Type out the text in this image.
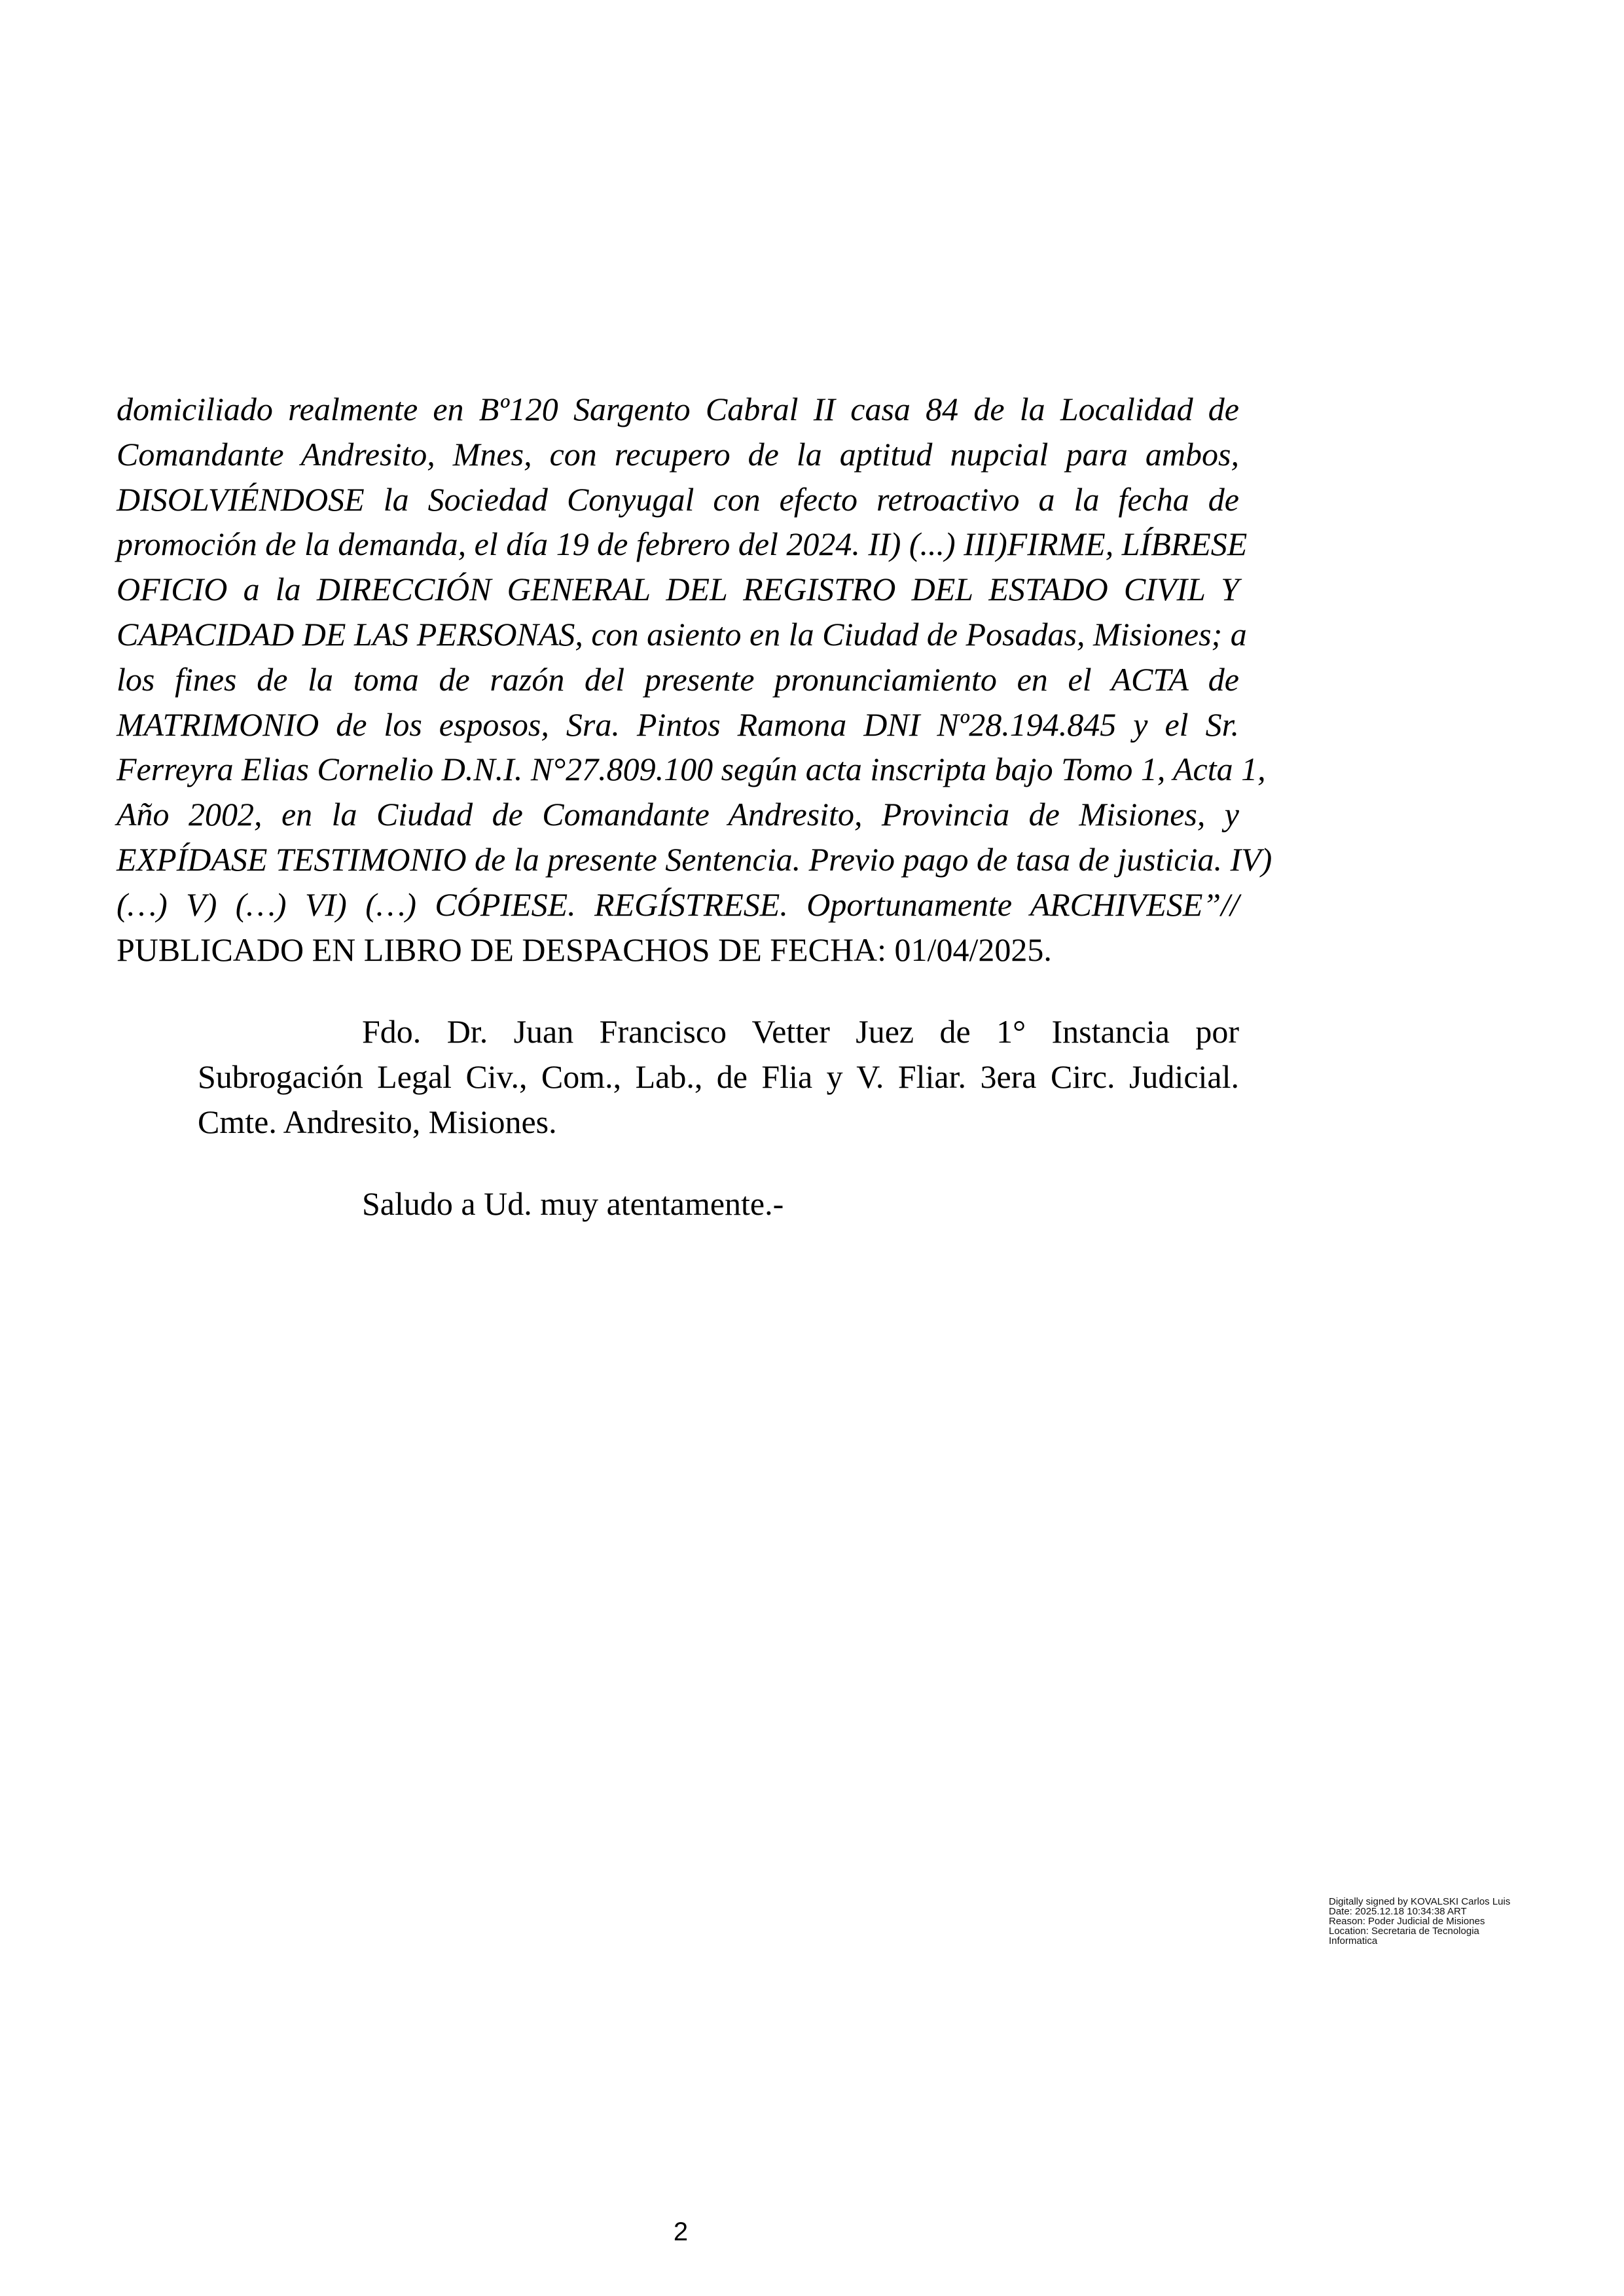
domiciliado realmente en Bº120 Sargento Cabral II casa 84 de la Localidad de
Comandante Andresito, Mnes, con recupero de la aptitud nupcial para ambos,
DISOLVIÉNDOSE la Sociedad Conyugal con efecto retroactivo a la fecha de
promoción de la demanda, el día 19 de febrero del 2024. II) (...) III)FIRME, LÍBRESE
OFICIO a la DIRECCIÓN GENERAL DEL REGISTRO DEL ESTADO CIVIL Y
CAPACIDAD DE LAS PERSONAS, con asiento en la Ciudad de Posadas, Misiones; a
los fines de la toma de razón del presente pronunciamiento en el ACTA de
MATRIMONIO de los esposos, Sra. Pintos Ramona DNI Nº28.194.845 y el Sr.
Ferreyra Elias Cornelio D.N.I. N°27.809.100 según acta inscripta bajo Tomo 1, Acta 1,
Año 2002, en la Ciudad de Comandante Andresito, Provincia de Misiones, y
EXPÍDASE TESTIMONIO de la presente Sentencia. Previo pago de tasa de justicia. IV)
(…) V) (…) VI) (…) CÓPIESE. REGÍSTRESE. Oportunamente ARCHIVESE”//
PUBLICADO EN LIBRO DE DESPACHOS DE FECHA: 01/04/2025.
Fdo. Dr. Juan Francisco Vetter Juez de 1° Instancia por
Subrogación Legal Civ., Com., Lab., de Flia y V. Fliar. 3era Circ. Judicial.
Cmte. Andresito, Misiones.
Saludo a Ud. muy atentamente.-
Digitally signed by KOVALSKI Carlos Luis
Date: 2025.12.18 10:34:38 ART
Reason: Poder Judicial de Misiones
Location: Secretaria de Tecnologia
Informatica
2
